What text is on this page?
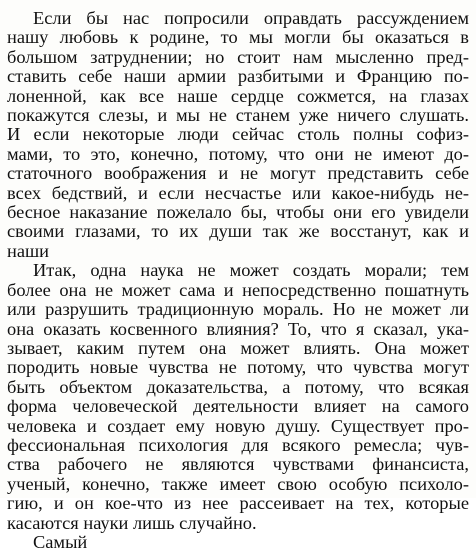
Если бы нас попросили оправдать рассуждением
нашу любовь к родине, то мы могли бы оказаться в
большом затруднении; но стоит нам мысленно пред-
ставить себе наши армии разбитыми и Францию по-
лоненной, как все наше сердце сожмется, на глазах
покажутся слезы, и мы не станем уже ничего слушать.
И если некоторые люди сейчас столь полны софиз-
мами, то это, конечно, потому, что они не имеют до-
статочного воображения и не могут представить себе
всех бедствий, и если несчастье или какое-нибудь не-
бесное наказание пожелало бы, чтобы они его увидели
своими глазами, то их души так же восстанут, как и
наши
Итак, одна наука не может создать морали; тем
более она не может сама и непосредственно пошатнуть
или разрушить традиционную мораль. Но не может ли
она оказать косвенного влияния? То, что я сказал, ука-
зывает, каким путем она может влиять. Она может
породить новые чувства не потому, что чувства могут
быть объектом доказательства, а потому, что всякая
форма человеческой деятельности влияет на самого
человека и создает ему новую душу. Существует про-
фессиональная психология для всякого ремесла; чув-
ства рабочего не являются чувствами финансиста,
ученый, конечно, также имеет свою особую психоло-
гию, и он кое-что из нее рассеивает на тех, которые
касаются науки лишь случайно.
Самый
